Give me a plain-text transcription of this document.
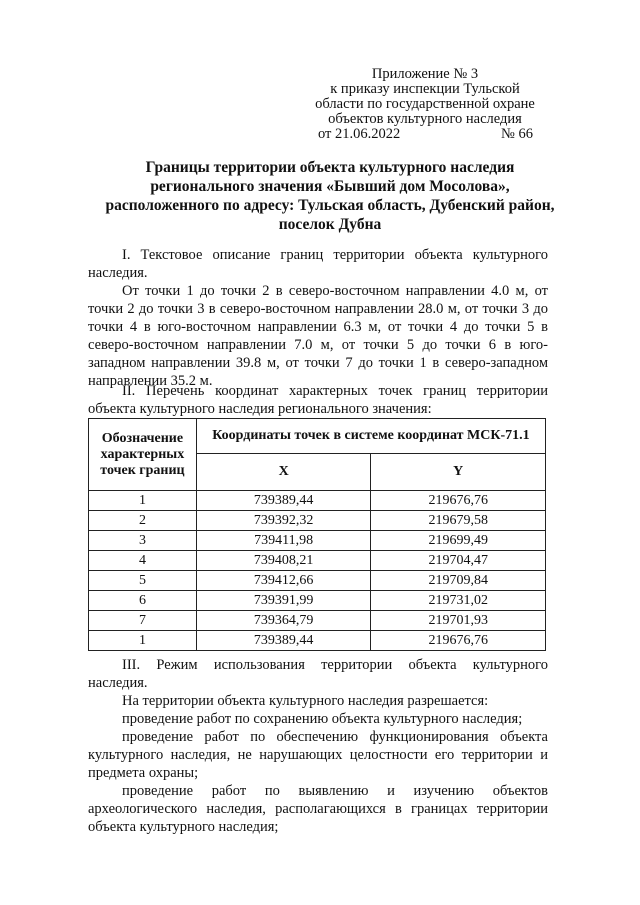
Приложение № 3
к приказу инспекции Тульской
области по государственной охране
объектов культурного наследия
от 21.06.2022	№ 66
Границы территории объекта культурного наследия регионального значения «Бывший дом Мосолова», расположенного по адресу: Тульская область, Дубенский район, поселок Дубна

I. Текстовое описание границ территории объекта культурного наследия.

От точки 1 до точки 2 в северо-восточном направлении 4.0 м, от точки 2 до точки 3 в северо-восточном направлении 28.0 м, от точки 3 до точки 4 в юго-восточном направлении 6.3 м, от точки 4 до точки 5 в северо-восточном направлении 7.0 м, от точки 5 до точки 6 в юго-западном направлении 39.8 м, от точки 7 до точки 1 в северо-западном направлении 35.2 м.

II. Перечень координат характерных точек границ территории объекта культурного наследия регионального значения:

Обозначение характерных точек границ	Координаты точек в системе координат МСК-71.1	
	X	Y
1	739389,44	219676,76
2	739392,32	219679,58
3	739411,98	219699,49
4	739408,21	219704,47
5	739412,66	219709,84
6	739391,99	219731,02
7	739364,79	219701,93
1	739389,44	219676,76

III. Режим использования территории объекта культурного наследия.

На территории объекта культурного наследия разрешается:

проведение работ по сохранению объекта культурного наследия;

проведение работ по обеспечению функционирования объекта культурного наследия, не нарушающих целостности его территории и предмета охраны;

проведение работ по выявлению и изучению объектов археологического наследия, располагающихся в границах территории объекта культурного наследия;
